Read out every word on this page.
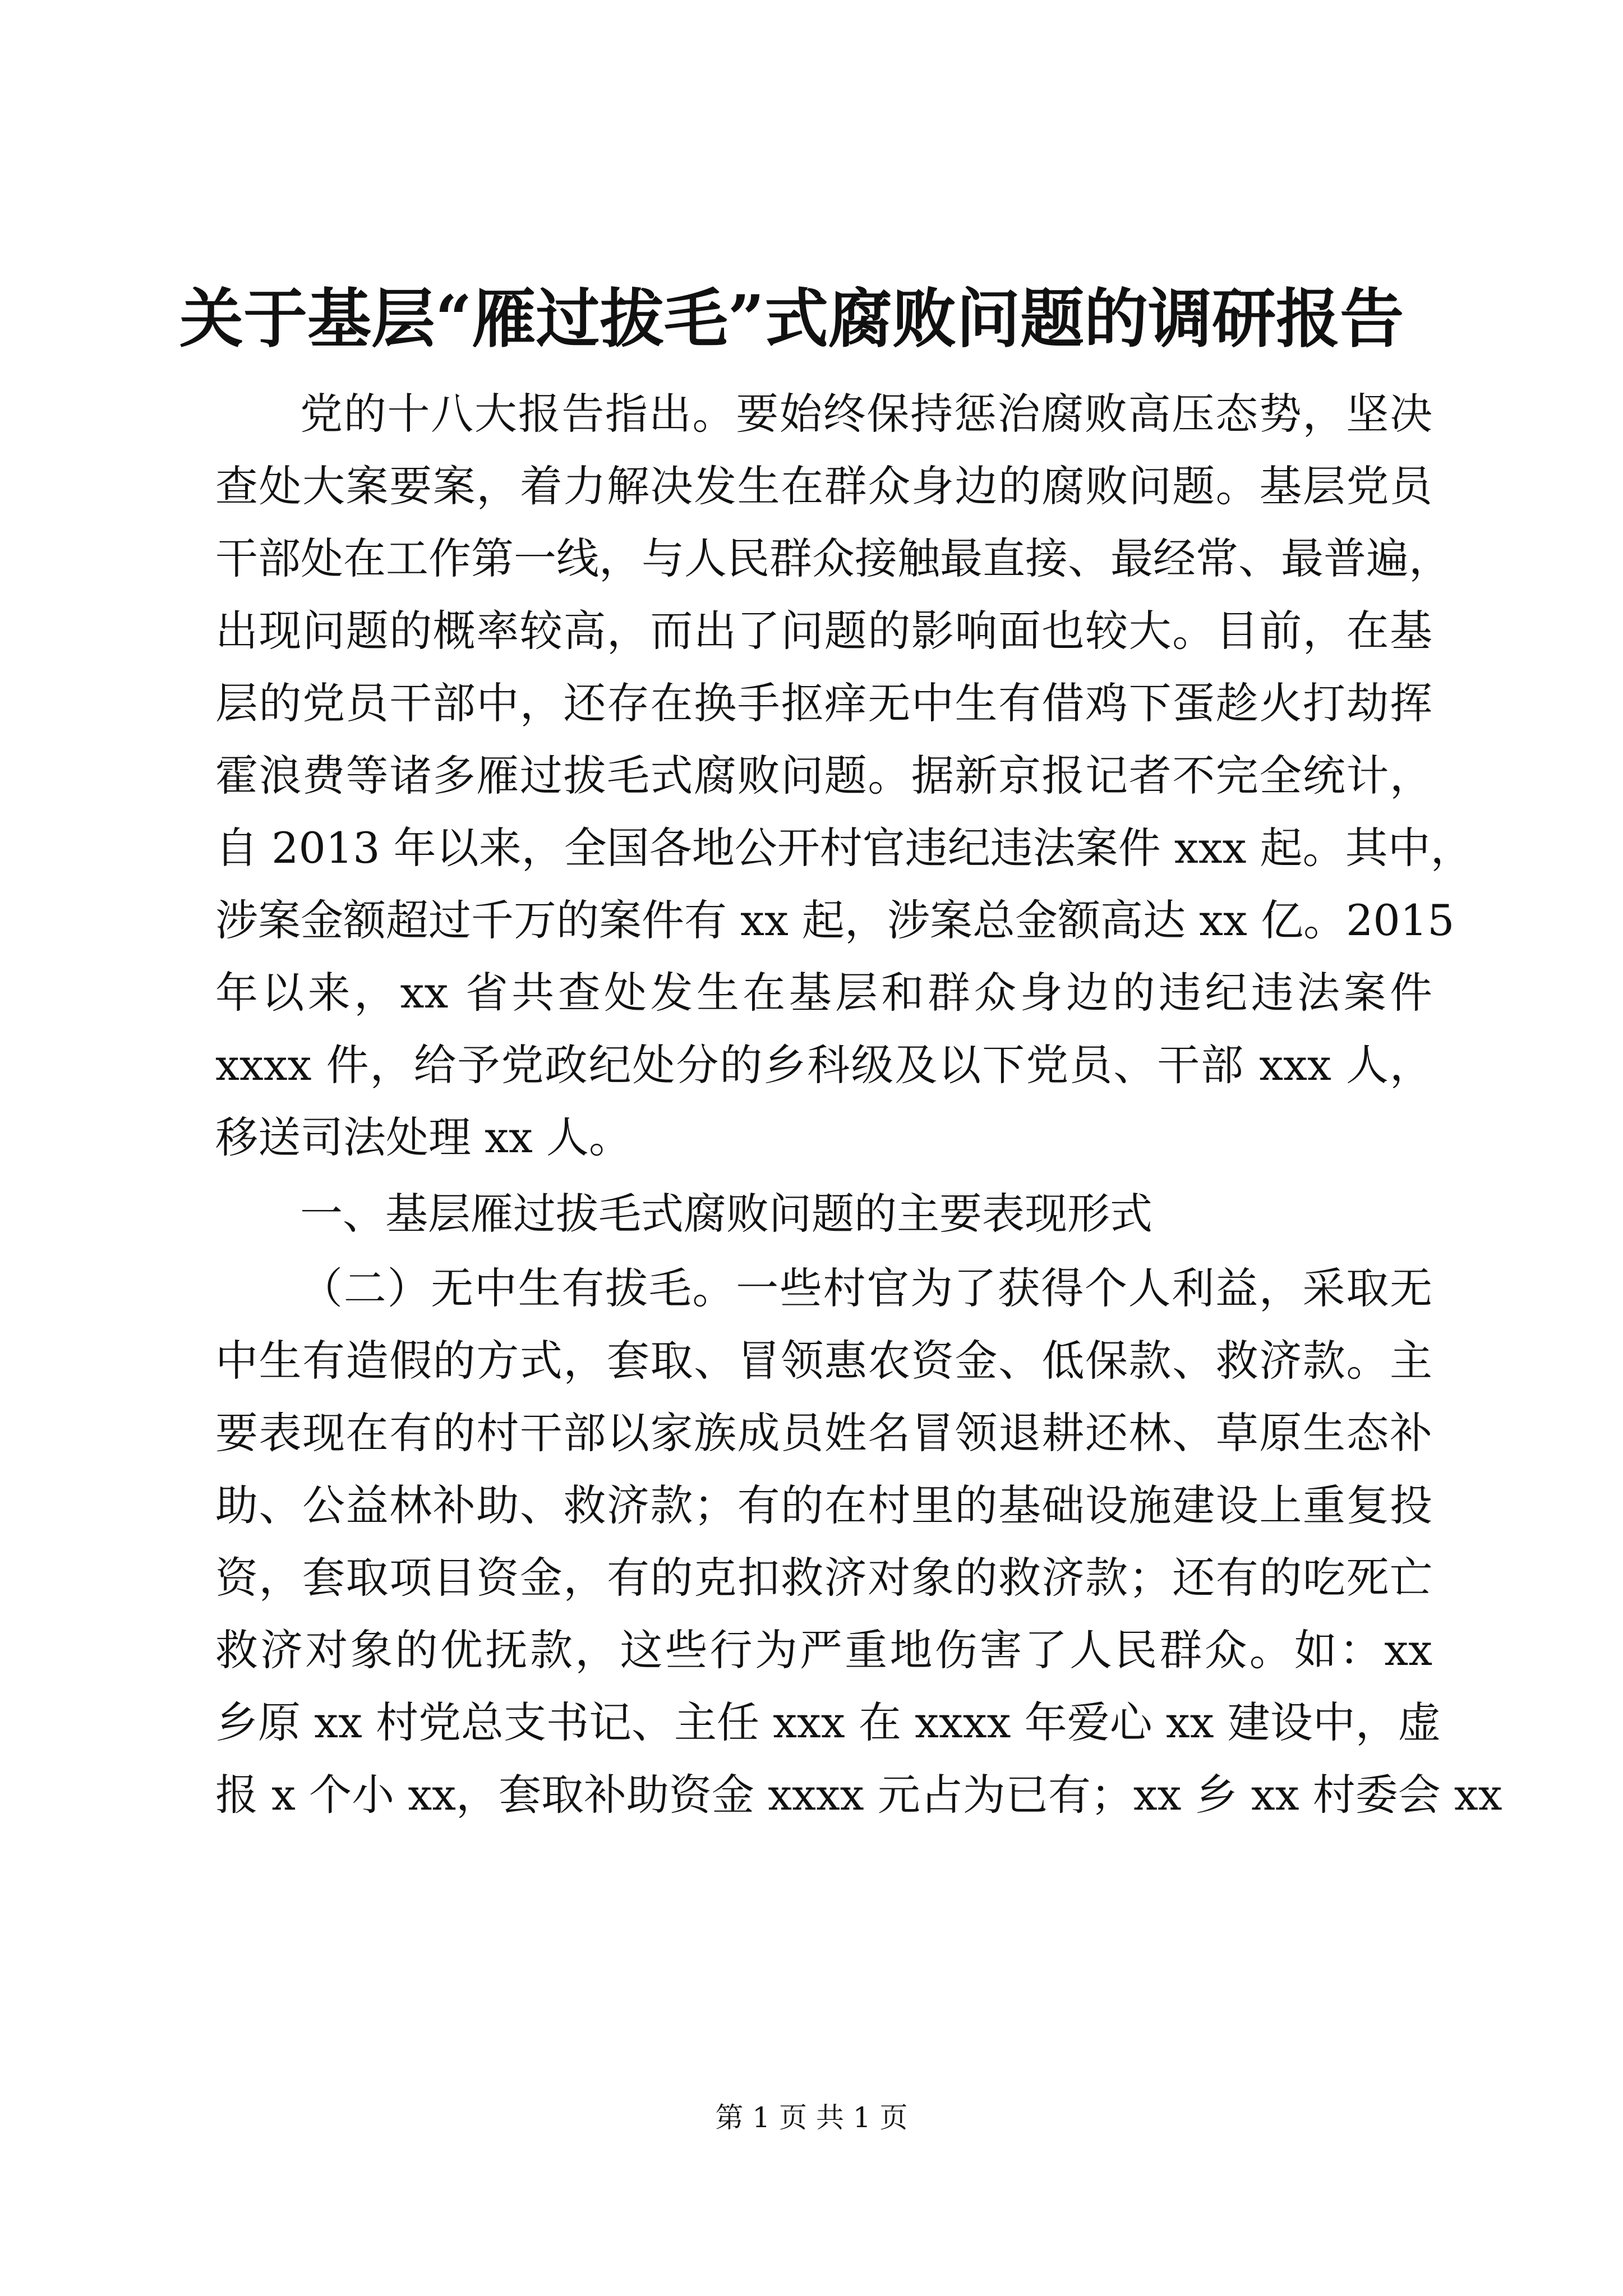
关于基层“雁过拔毛”式腐败问题的调研报告

党的十八大报告指出。要始终保持惩治腐败高压态势，坚决

查处大案要案，着力解决发生在群众身边的腐败问题。基层党员

干部处在工作第一线，与人民群众接触最直接、最经常、最普遍，

出现问题的概率较高，而出了问题的影响面也较大。目前，在基

层的党员干部中，还存在换手抠痒无中生有借鸡下蛋趁火打劫挥

霍浪费等诸多雁过拔毛式腐败问题。据新京报记者不完全统计，

自 2013 年以来，全国各地公开村官违纪违法案件 xxx 起。其中，

涉案金额超过千万的案件有 xx 起，涉案总金额高达 xx 亿。2015

年以来，xx 省共查处发生在基层和群众身边的违纪违法案件

xxxx 件，给予党政纪处分的乡科级及以下党员、干部 xxx 人，

移送司法处理 xx 人。

一、基层雁过拔毛式腐败问题的主要表现形式

（二）无中生有拔毛。一些村官为了获得个人利益，采取无

中生有造假的方式，套取、冒领惠农资金、低保款、救济款。主

要表现在有的村干部以家族成员姓名冒领退耕还林、草原生态补

助、公益林补助、救济款；有的在村里的基础设施建设上重复投

资，套取项目资金，有的克扣救济对象的救济款；还有的吃死亡

救济对象的优抚款，这些行为严重地伤害了人民群众。如：xx

乡原 xx 村党总支书记、主任 xxx 在 xxxx 年爱心 xx 建设中，虚

报 x 个小 xx，套取补助资金 xxxx 元占为已有；xx 乡 xx 村委会 xx

第 1 页 共 1 页
